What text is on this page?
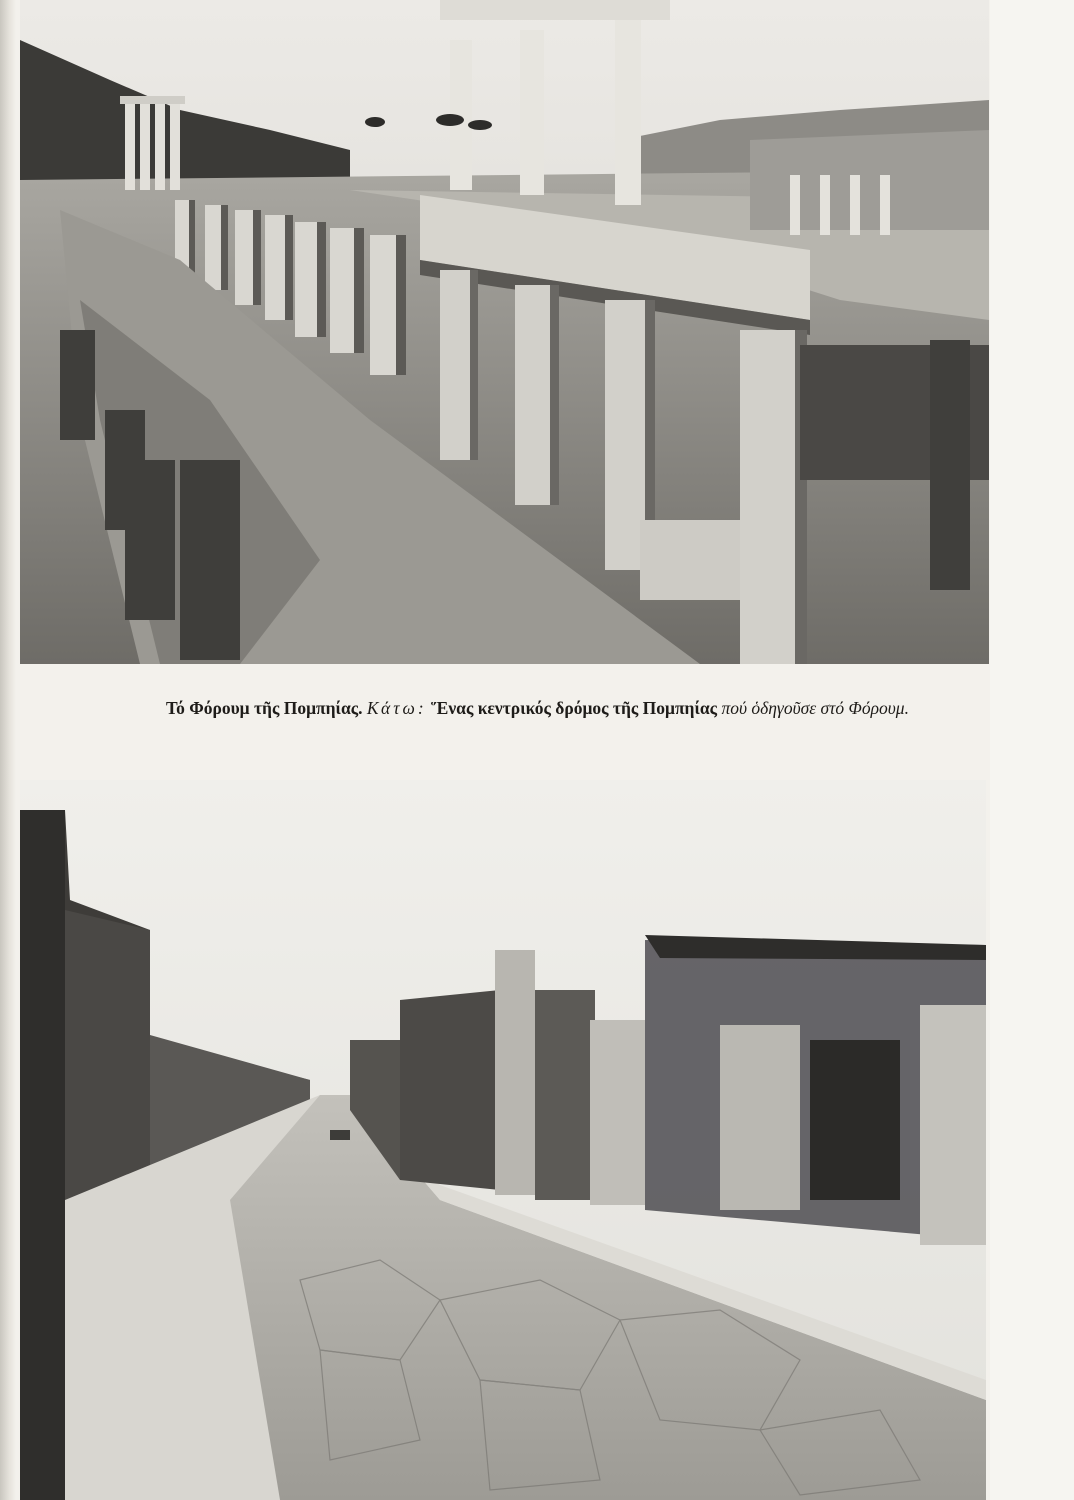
Τό Φόρουμ τῆς Πομπηίας. Κάτω: Ἕνας κεντρικός δρόμος τῆς Πομπηίας πού ὁδηγοῦσε στό Φόρουμ.
